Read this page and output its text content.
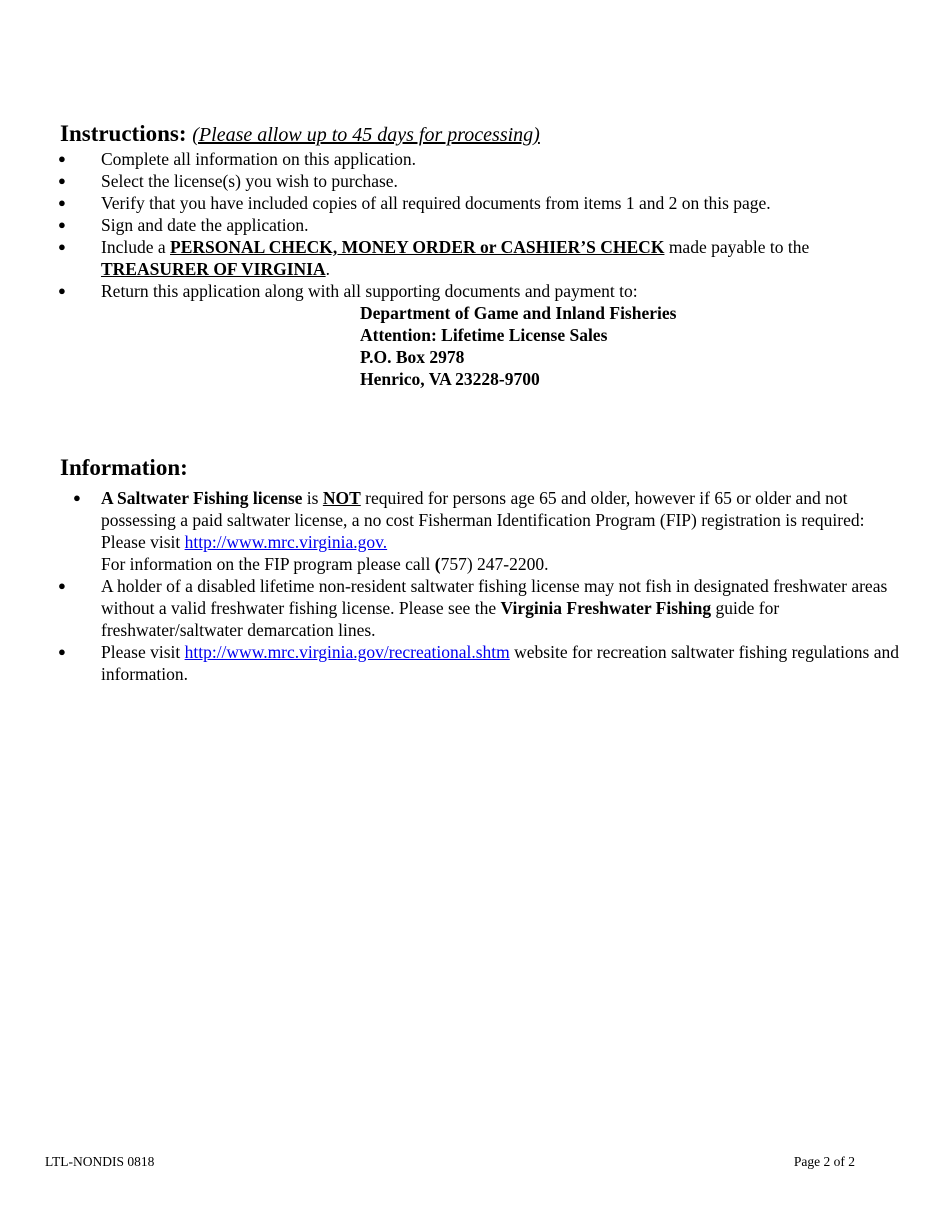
Instructions: (Please allow up to 45 days for processing)
● Complete all information on this application.
● Select the license(s) you wish to purchase.
● Verify that you have included copies of all required documents from items 1 and 2 on this page.
● Sign and date the application.
● Include a PERSONAL CHECK, MONEY ORDER or CASHIER’S CHECK made payable to the
TREASURER OF VIRGINIA.
● Return this application along with all supporting documents and payment to:
Department of Game and Inland Fisheries
Attention: Lifetime License Sales
P.O. Box 2978
Henrico, VA 23228-9700
Information:
● A Saltwater Fishing license is NOT required for persons age 65 and older, however if 65 or older and not possessing a paid saltwater license, a no cost Fisherman Identification Program (FIP) registration is required: Please visit http://www.mrc.virginia.gov.
For information on the FIP program please call (757) 247-2200.
● A holder of a disabled lifetime non-resident saltwater fishing license may not fish in designated freshwater areas without a valid freshwater fishing license. Please see the Virginia Freshwater Fishing guide for freshwater/saltwater demarcation lines.
● Please visit http://www.mrc.virginia.gov/recreational.shtm website for recreation saltwater fishing regulations and information.
LTL-NONDIS 0818	Page 2 of 2
